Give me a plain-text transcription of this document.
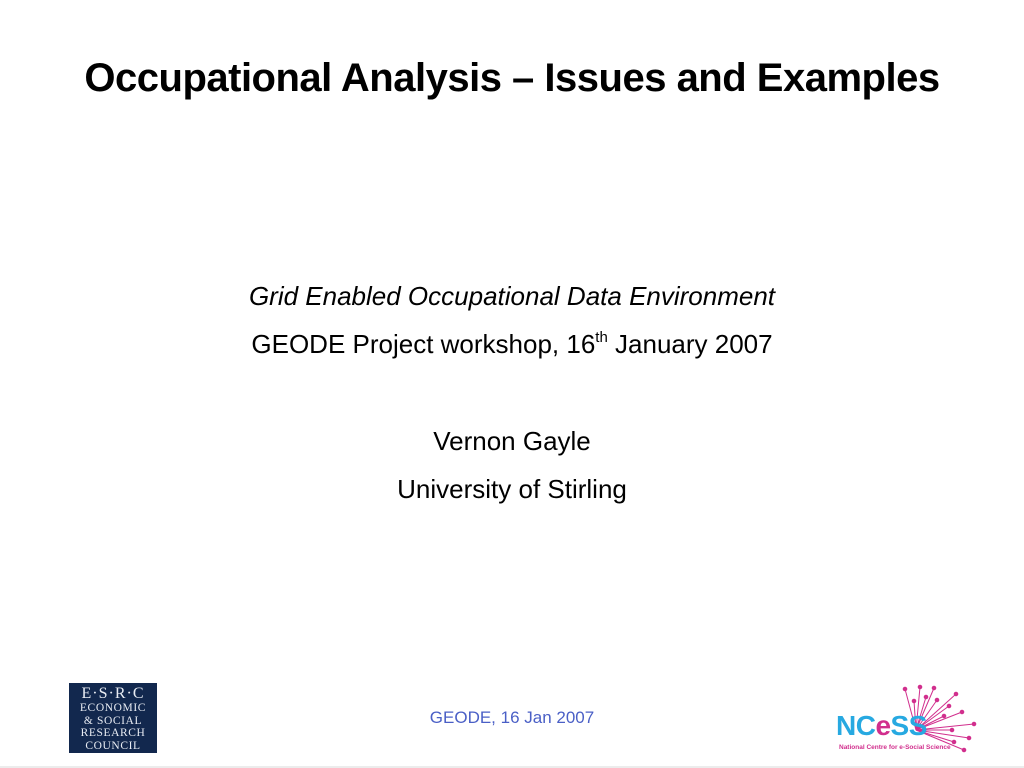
Occupational Analysis – Issues and Examples
Grid Enabled Occupational Data Environment
GEODE Project workshop, 16th January 2007
Vernon Gayle
University of Stirling
E·S·R·C
ECONOMIC
& SOCIAL
RESEARCH
COUNCIL
GEODE, 16 Jan 2007	NCeSS
National Centre for e-Social Science
